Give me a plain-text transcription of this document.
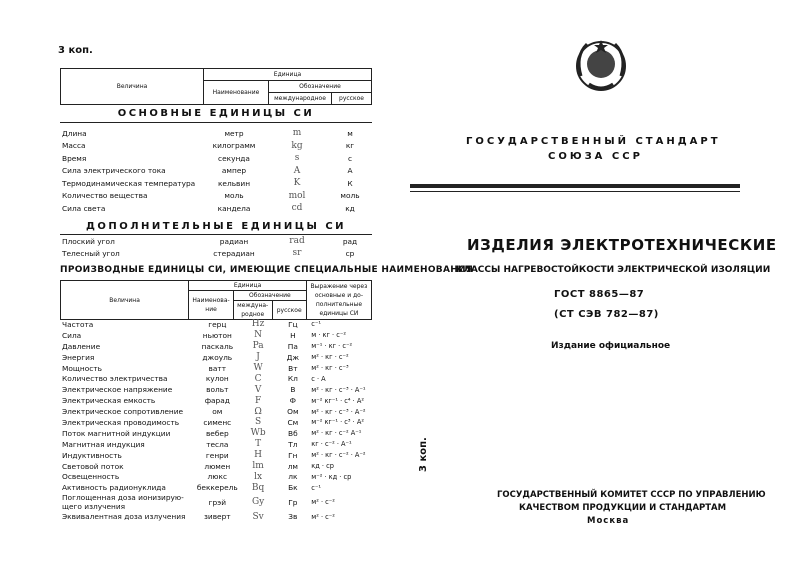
3 коп.
Величина	Единица		
	Наименование	Обозначение	
		международное	русское
ОСНОВНЫЕ ЕДИНИЦЫ СИ
Длина	метр	m	м
Масса	килограмм	kg	кг
Время	секунда	s	с
Сила электрического тока	ампер	A	А
Термодинамическая температура	кельвин	K	К
Количество вещества	моль	mol	моль
Сила света	кандела	cd	кд
ДОПОЛНИТЕЛЬНЫЕ ЕДИНИЦЫ СИ
Плоский угол	радиан	rad	рад
Телесный угол	стерадиан	sr	ср
ПРОИЗВОДНЫЕ ЕДИНИЦЫ СИ, ИМЕЮЩИЕ СПЕЦИАЛЬНЫЕ НАИМЕНОВАНИЯ
Величина	Единица			Выражение через основные и до-полнительные единицы СИ
	Наименова-ние	Обозначение		
		междуна-родное	русское	
Частота	герц	Hz	Гц	с⁻¹
Сила	ньютон	N	Н	м · кг · с⁻²
Давление	паскаль	Pa	Па	м⁻¹ · кг · с⁻²
Энергия	джоуль	J	Дж	м² · кг · с⁻²
Мощность	ватт	W	Вт	м² · кг · с⁻³
Количество электричества	кулон	C	Кл	с · А
Электрическое напряжение	вольт	V	В	м² · кг · с⁻³ · А⁻¹
Электрическая емкость	фарад	F	Ф	м⁻² кг⁻¹ · с⁴ · А²
Электрическое сопротивление	ом	Ω	Ом	м² · кг · с⁻³ · А⁻²
Электрическая проводимость	сименс	S	См	м⁻² кг⁻¹ · с³ · А²
Поток магнитной индукции	вебер	Wb	Вб	м² · кг · с⁻² А⁻¹
Магнитная индукция	тесла	T	Тл	кг · с⁻² · А⁻¹
Индуктивность	генри	H	Гн	м² · кг · с⁻² · А⁻²
Световой поток	люмен	lm	лм	кд · ср
Освещенность	люкс	lx	лк	м⁻² · кд · ср
Активность радионуклида	беккерель	Bq	Бк	с⁻¹
Поглощенная доза ионизирую-щего излучения	грэй	Gy	Гр	м² · с⁻²
Эквивалентная доза излучения	зиверт	Sv	Зв	м² · с⁻²
ГОСУДАРСТВЕННЫЙ СТАНДАРТ
СОЮЗА ССР
ИЗДЕЛИЯ ЭЛЕКТРОТЕХНИЧЕСКИЕ
КЛАССЫ НАГРЕВОСТОЙКОСТИ ЭЛЕКТРИЧЕСКОЙ ИЗОЛЯЦИИ
ГОСТ 8865—87
(СТ СЭВ 782—87)
Издание официальное
3 коп.
ГОСУДАРСТВЕННЫЙ КОМИТЕТ СССР ПО УПРАВЛЕНИЮ
КАЧЕСТВОМ ПРОДУКЦИИ И СТАНДАРТАМ
Москва
